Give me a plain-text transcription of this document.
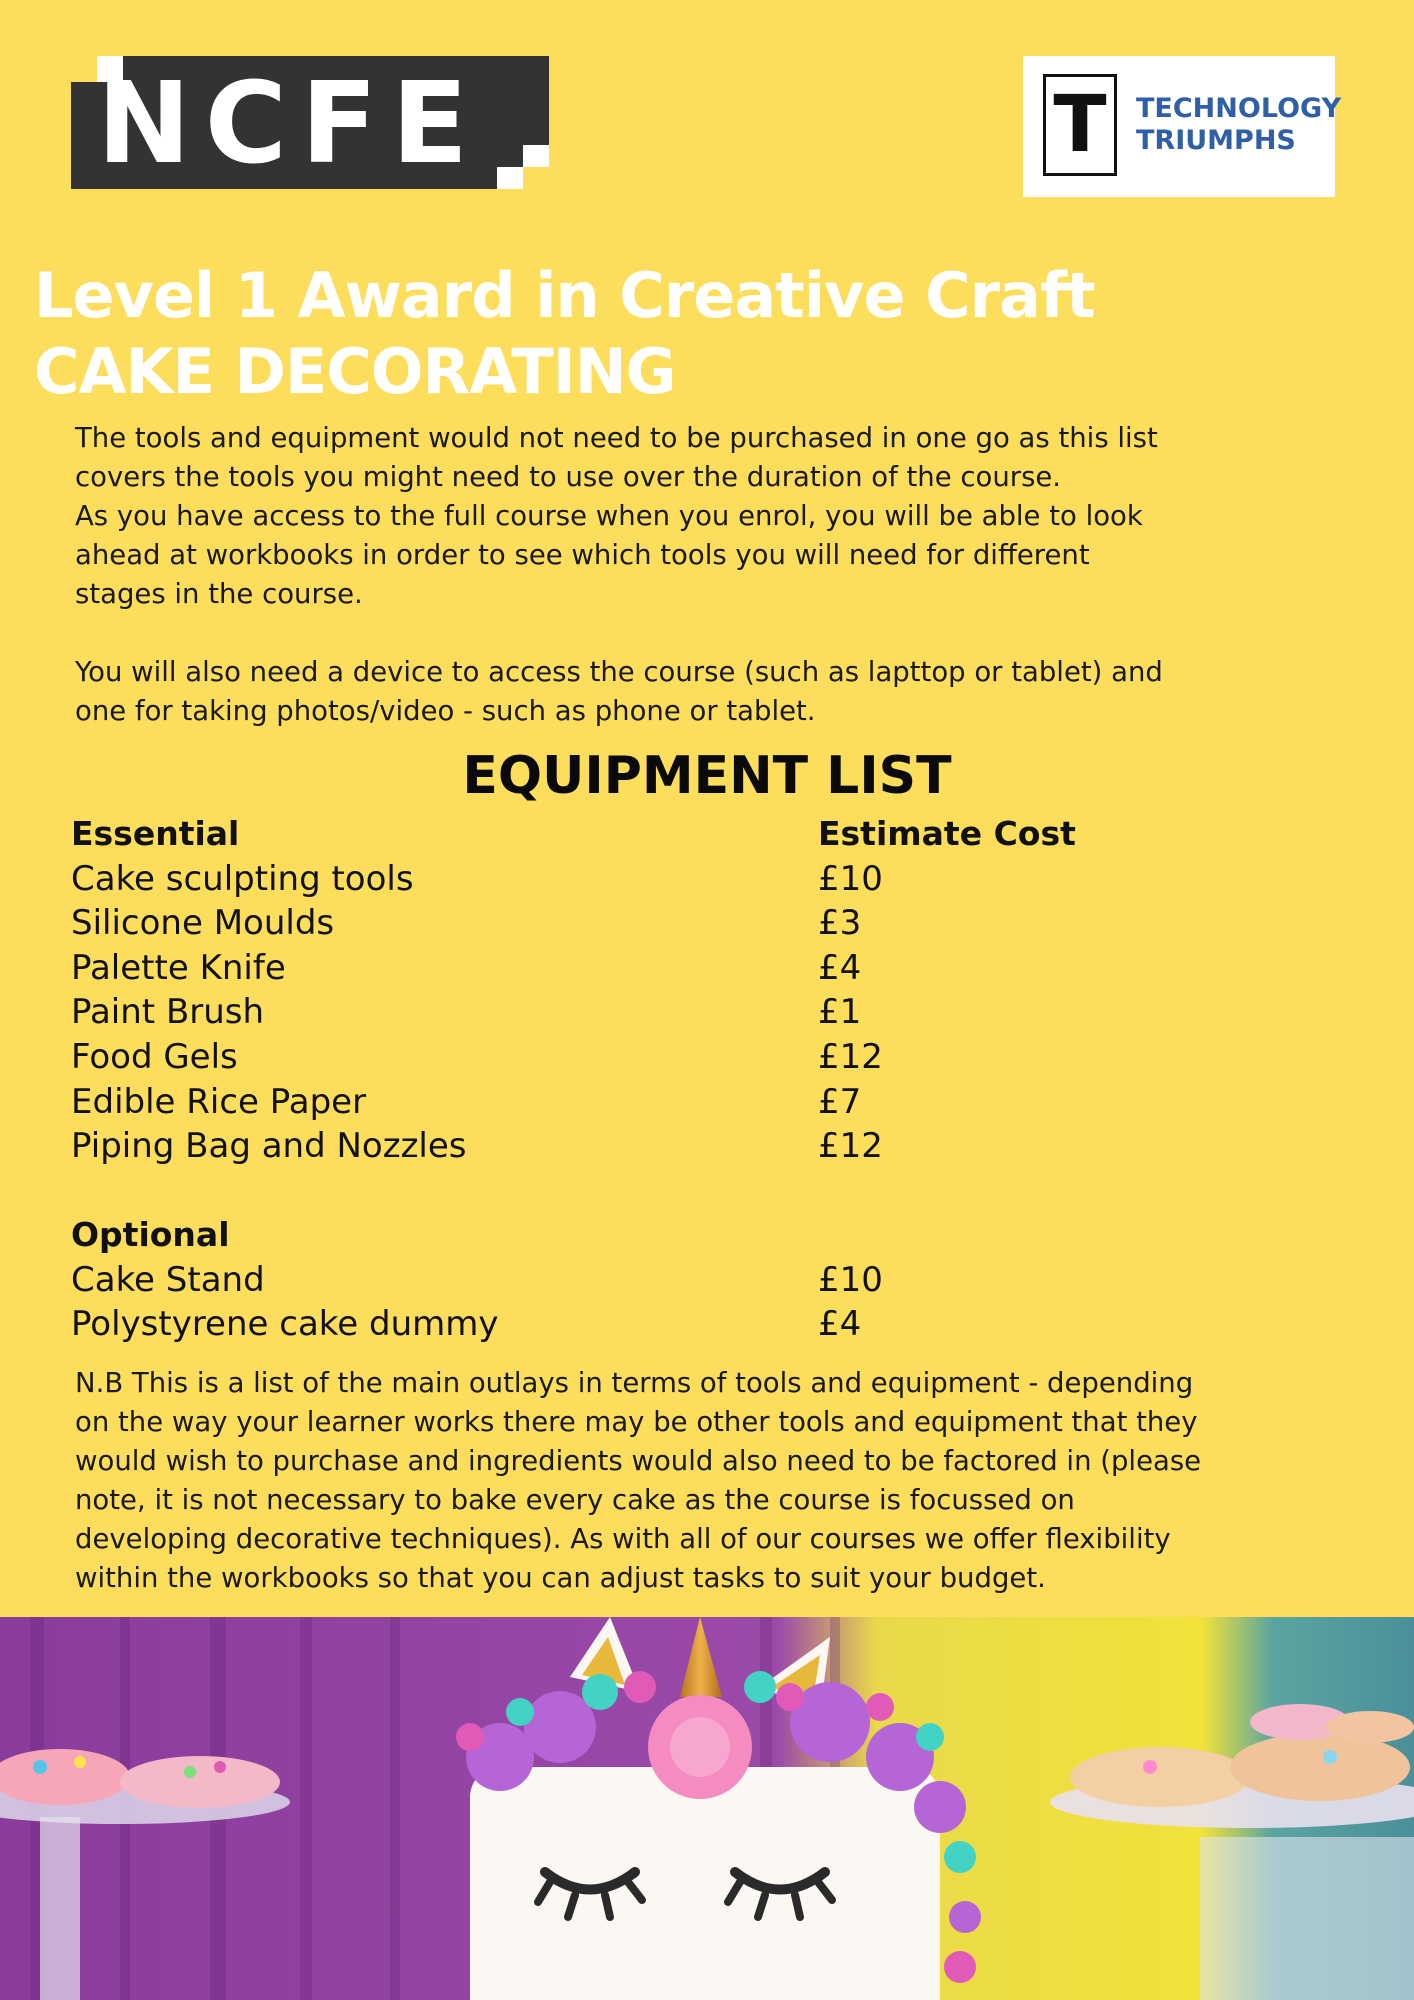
NCFE	T	TECHNOLOGY
TRIUMPHS
Level 1 Award in Creative Craft
CAKE DECORATING

The tools and equipment would not need to be purchased in one go as this list

covers the tools you might need to use over the duration of the course.

As you have access to the full course when you enrol, you will be able to look

ahead at workbooks in order to see which tools you will need for different

stages in the course.

You will also need a device to access the course (such as lapttop or tablet) and

one for taking photos/video - such as phone or tablet.

EQUIPMENT LIST
Essential	Estimate Cost
Cake sculpting tools	£10
Silicone Moulds	£3
Palette Knife	£4
Paint Brush	£1
Food Gels	£12
Edible Rice Paper	£7
Piping Bag and Nozzles	£12
Optional
Cake Stand	£10
Polystyrene cake dummy	£4
N.B This is a list of the main outlays in terms of tools and equipment - depending
on the way your learner works there may be other tools and equipment that they
would wish to purchase and ingredients would also need to be factored in (please
note, it is not necessary to bake every cake as the course is focussed on
developing decorative techniques). As with all of our courses we offer flexibility
within the workbooks so that you can adjust tasks to suit your budget.
